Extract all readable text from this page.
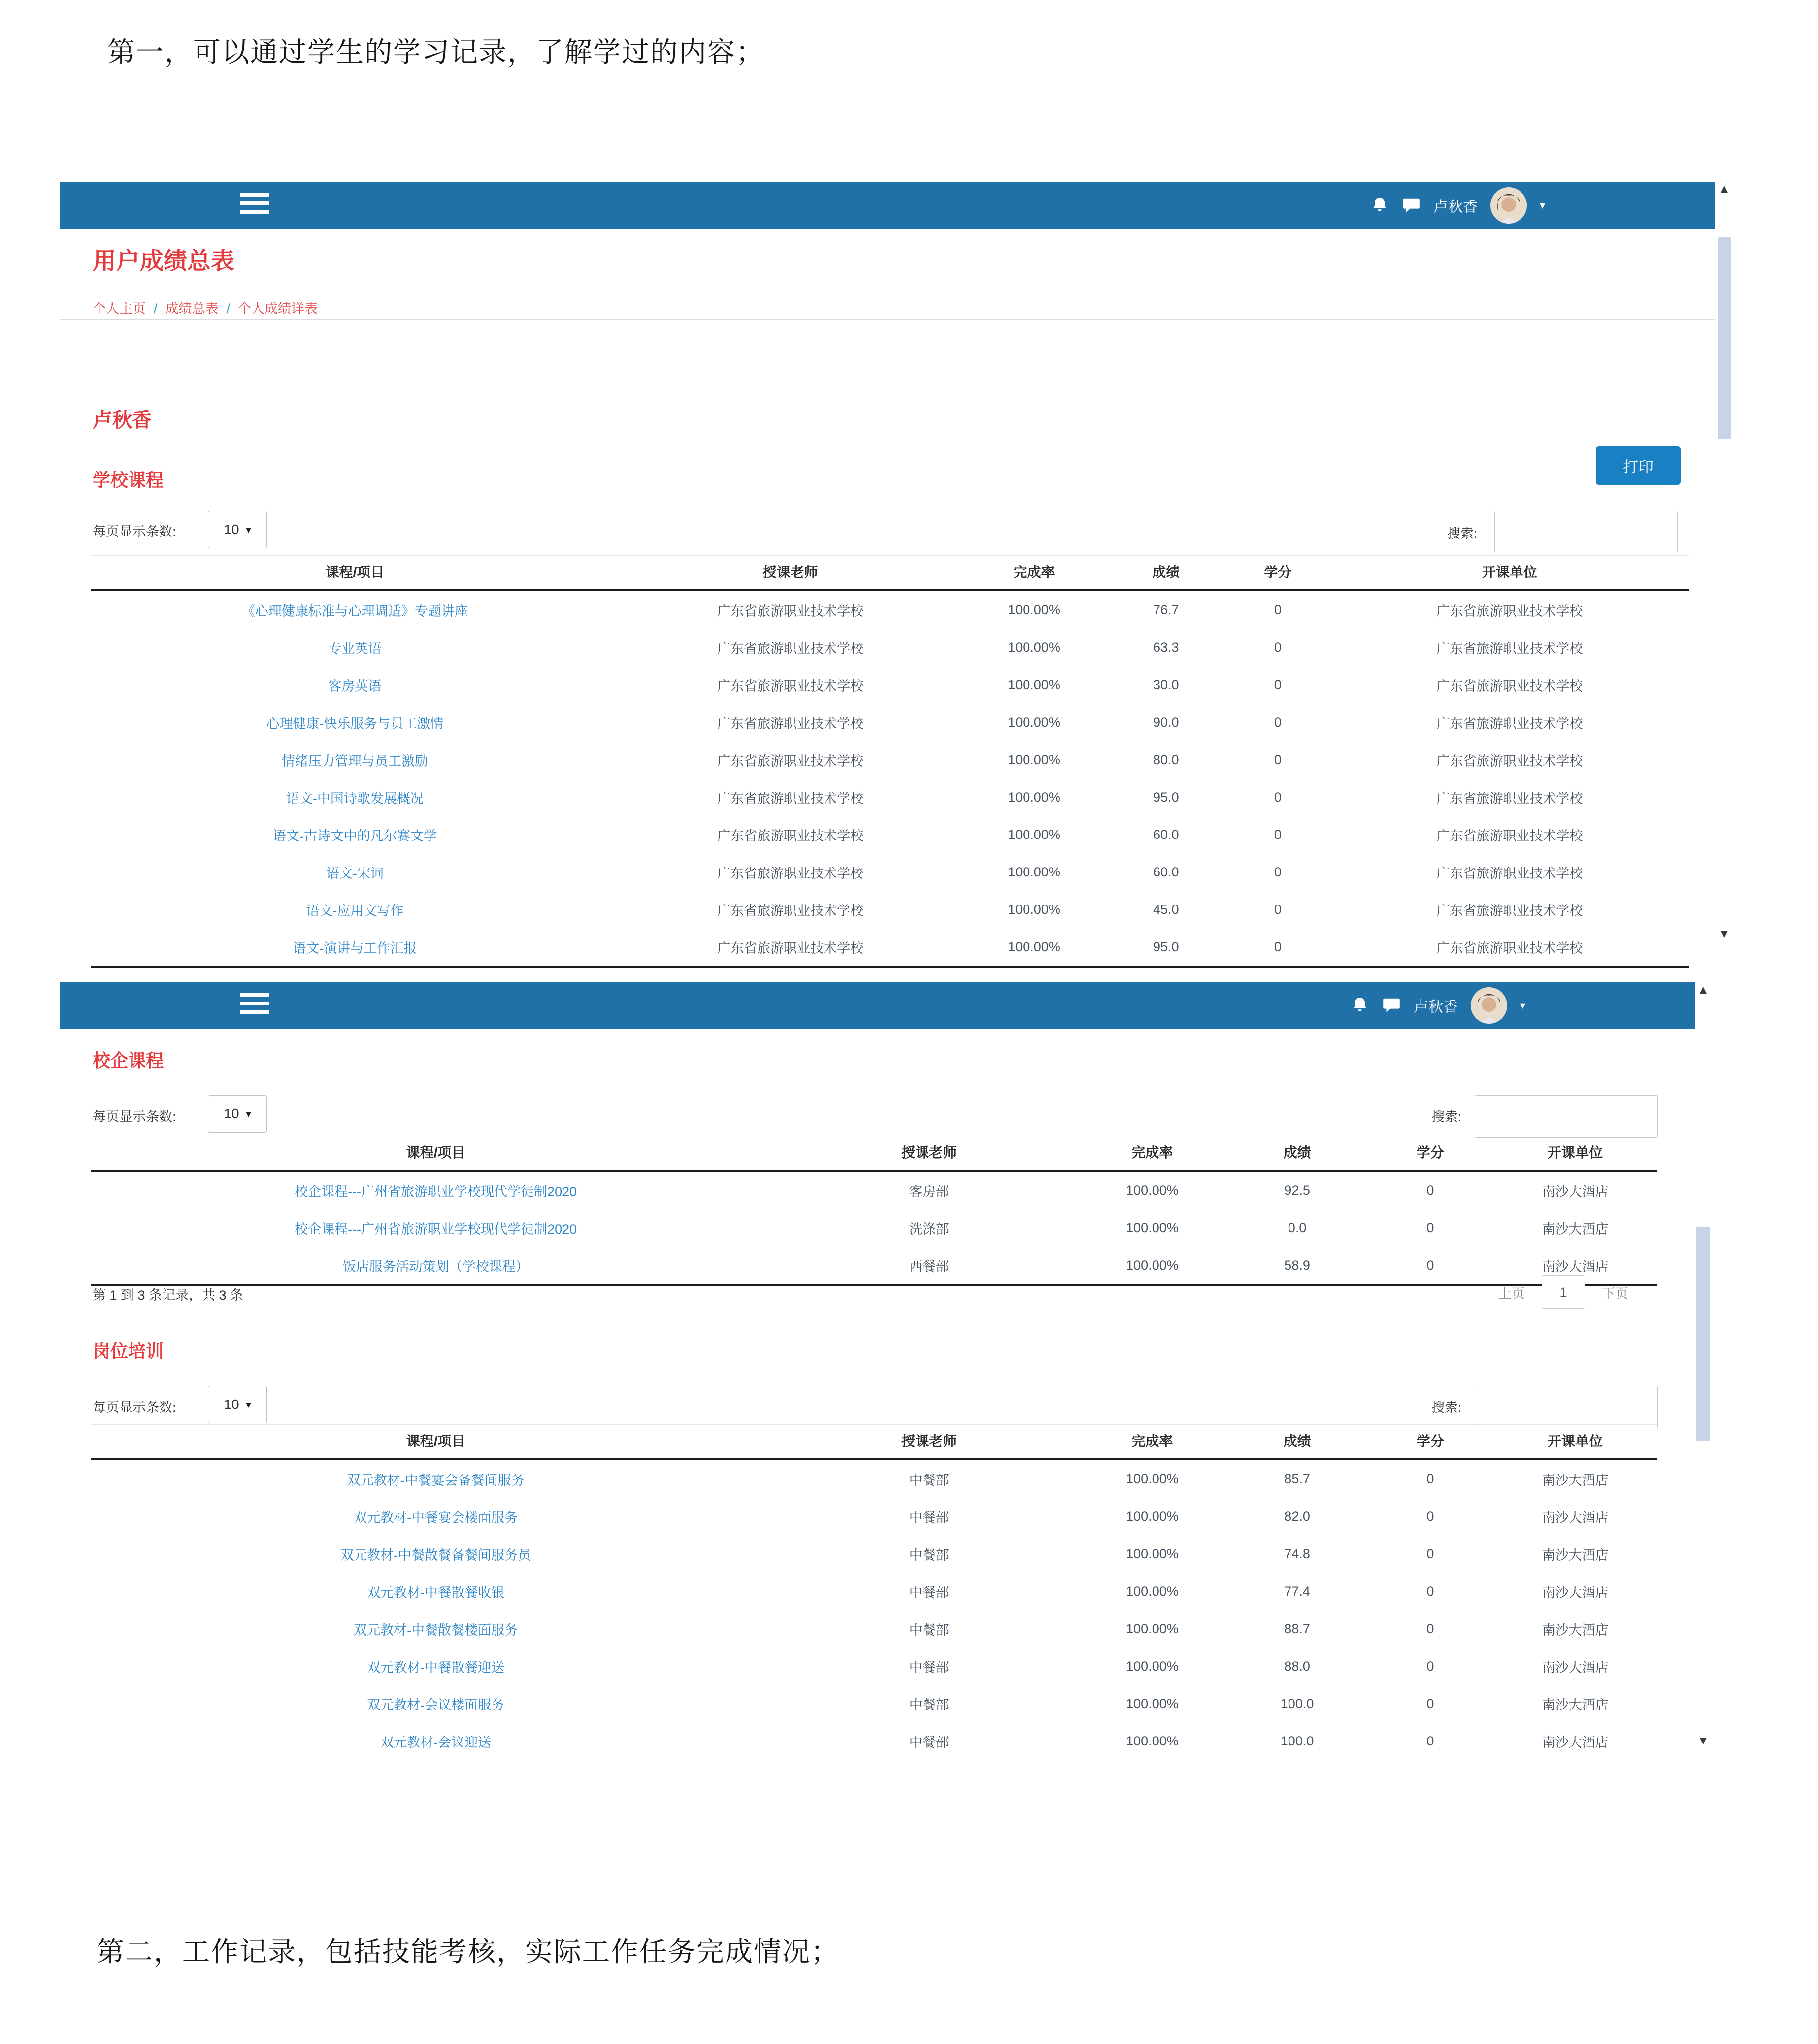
第一，可以通过学生的学习记录，了解学过的内容；
第二，工作记录，包括技能考核，实际工作任务完成情况；
卢秋香	▾
用户成绩总表
个人主页 / 成绩总表 / 个人成绩详表
卢秋香
打印
学校课程
每页显示条数:	10 ▾	搜索:
课程/项目	授课老师	完成率	成绩	学分	开课单位
《心理健康标准与心理调适》专题讲座	广东省旅游职业技术学校	100.00%	76.7	0	广东省旅游职业技术学校
专业英语	广东省旅游职业技术学校	100.00%	63.3	0	广东省旅游职业技术学校
客房英语	广东省旅游职业技术学校	100.00%	30.0	0	广东省旅游职业技术学校
心理健康-快乐服务与员工激情	广东省旅游职业技术学校	100.00%	90.0	0	广东省旅游职业技术学校
情绪压力管理与员工激励	广东省旅游职业技术学校	100.00%	80.0	0	广东省旅游职业技术学校
语文-中国诗歌发展概况	广东省旅游职业技术学校	100.00%	95.0	0	广东省旅游职业技术学校
语文-古诗文中的凡尔赛文学	广东省旅游职业技术学校	100.00%	60.0	0	广东省旅游职业技术学校
语文-宋词	广东省旅游职业技术学校	100.00%	60.0	0	广东省旅游职业技术学校
语文-应用文写作	广东省旅游职业技术学校	100.00%	45.0	0	广东省旅游职业技术学校
语文-演讲与工作汇报	广东省旅游职业技术学校	100.00%	95.0	0	广东省旅游职业技术学校
▲
▼
卢秋香	▾
校企课程
每页显示条数:	10 ▾	搜索:
课程/项目	授课老师	完成率	成绩	学分	开课单位
校企课程---广州省旅游职业学校现代学徒制2020	客房部	100.00%	92.5	0	南沙大酒店
校企课程---广州省旅游职业学校现代学徒制2020	洗涤部	100.00%	0.0	0	南沙大酒店
饭店服务活动策划（学校课程）	西餐部	100.00%	58.9	0	南沙大酒店
第 1 到 3 条记录，共 3 条	上页	1	下页
岗位培训
每页显示条数:	10 ▾	搜索:
课程/项目	授课老师	完成率	成绩	学分	开课单位
双元教材-中餐宴会备餐间服务	中餐部	100.00%	85.7	0	南沙大酒店
双元教材-中餐宴会楼面服务	中餐部	100.00%	82.0	0	南沙大酒店
双元教材-中餐散餐备餐间服务员	中餐部	100.00%	74.8	0	南沙大酒店
双元教材-中餐散餐收银	中餐部	100.00%	77.4	0	南沙大酒店
双元教材-中餐散餐楼面服务	中餐部	100.00%	88.7	0	南沙大酒店
双元教材-中餐散餐迎送	中餐部	100.00%	88.0	0	南沙大酒店
双元教材-会议楼面服务	中餐部	100.00%	100.0	0	南沙大酒店
双元教材-会议迎送	中餐部	100.00%	100.0	0	南沙大酒店
▲
▼
